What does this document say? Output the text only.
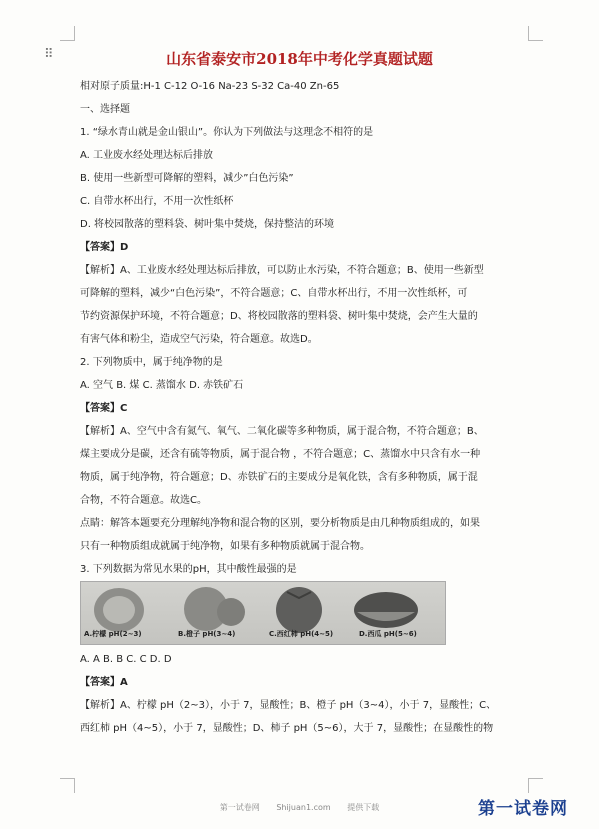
⠿	山东省泰安市2018年中考化学真题试题
相对原子质量:H-1 C-12 O-16 Na-23 S-32 Ca-40 Zn-65
一、选择题
1. “绿水青山就是金山银山”。你认为下列做法与这理念不相符的是
A. 工业废水经处理达标后排放
B. 使用一些新型可降解的塑料，减少”白色污染”
C. 自带水杯出行，不用一次性纸杯
D. 将校园散落的塑料袋、树叶集中焚烧，保持整洁的环境
【答案】D
【解析】A、工业废水经处理达标后排放，可以防止水污染，不符合题意；B、使用一些新型
可降解的塑料，减少“白色污染”，不符合题意；C、自带水杯出行，不用一次性纸杯，可
节约资源保护环境，不符合题意；D、将校园散落的塑料袋、树叶集中焚烧，会产生大量的
有害气体和粉尘，造成空气污染，符合题意。故选D。
2. 下列物质中，属于纯净物的是
A. 空气 B. 煤 C. 蒸馏水 D. 赤铁矿石
【答案】C
【解析】A、空气中含有氮气、氧气、二氧化碳等多种物质，属于混合物，不符合题意；B、
煤主要成分是碳，还含有硫等物质，属于混合物 ，不符合题意；C、蒸馏水中只含有水一种
物质，属于纯净物，符合题意；D、赤铁矿石的主要成分是氧化铁，含有多种物质，属于混
合物，不符合题意。故选C。
点睛：解答本题要充分理解纯净物和混合物的区别，要分析物质是由几种物质组成的，如果
只有一种物质组成就属于纯净物，如果有多种物质就属于混合物。
3. 下列数据为常见水果的pH，其中酸性最强的是
A.柠檬 pH(2~3)	B.橙子 pH(3~4)	C.西红柿 pH(4~5)	D.西瓜 pH(5~6)
A. A B. B C. C D. D
【答案】A
【解析】A、柠檬 pH（2~3），小于 7，显酸性；B、橙子 pH（3~4），小于 7，显酸性；C、
西红柿 pH（4~5），小于 7，显酸性；D、柿子 pH（5~6），大于 7，显酸性；在显酸性的物
第一试卷网 Shijuan1.com 提供下载	第一试卷网
